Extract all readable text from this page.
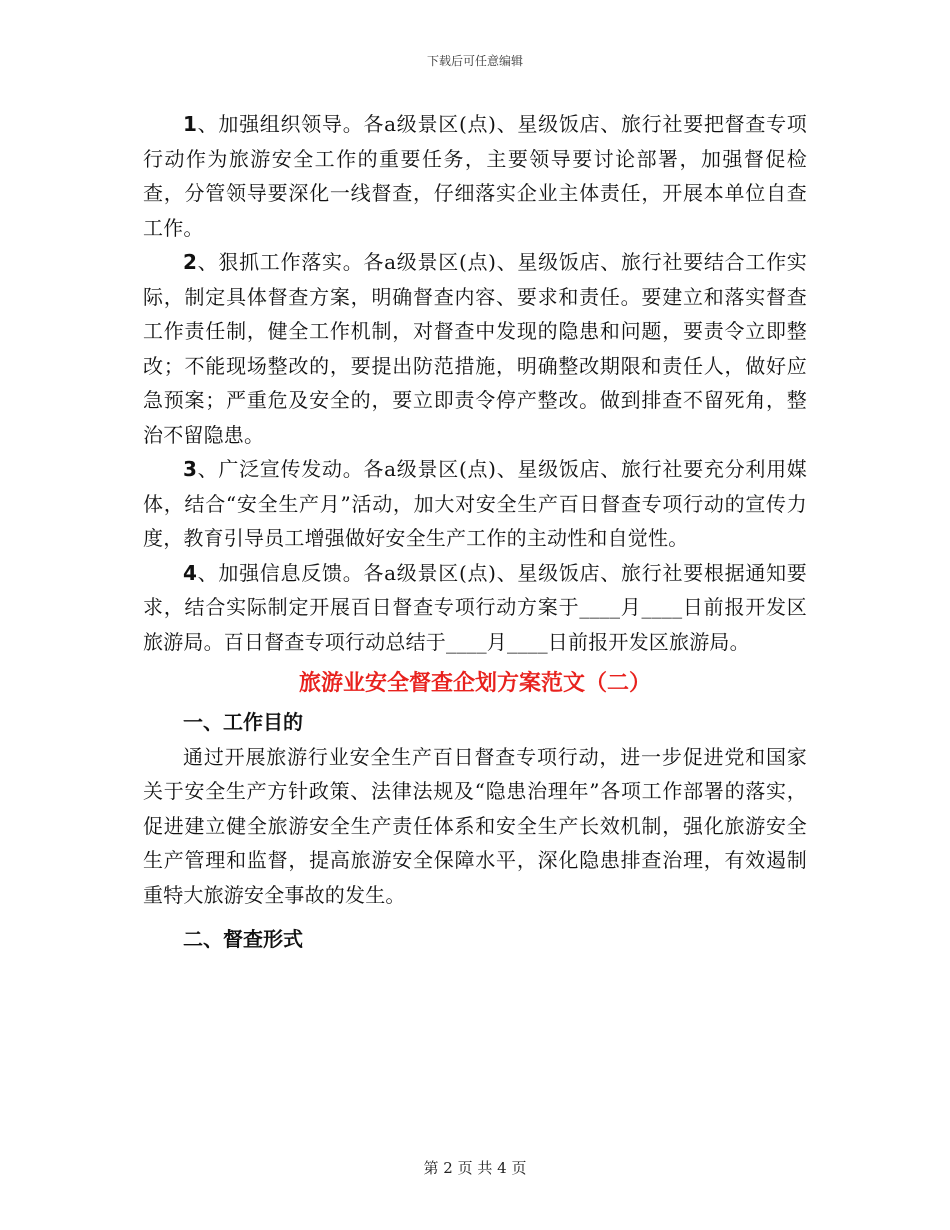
下载后可任意编辑

1、加强组织领导。各a级景区(点)、星级饭店、旅行社要把督查专项行动作为旅游安全工作的重要任务，主要领导要讨论部署，加强督促检查，分管领导要深化一线督查，仔细落实企业主体责任，开展本单位自查工作。

2、狠抓工作落实。各a级景区(点)、星级饭店、旅行社要结合工作实际，制定具体督查方案，明确督查内容、要求和责任。要建立和落实督查工作责任制，健全工作机制，对督查中发现的隐患和问题，要责令立即整改；不能现场整改的，要提出防范措施，明确整改期限和责任人，做好应急预案；严重危及安全的，要立即责令停产整改。做到排查不留死角，整治不留隐患。

3、广泛宣传发动。各a级景区(点)、星级饭店、旅行社要充分利用媒体，结合“安全生产月”活动，加大对安全生产百日督查专项行动的宣传力度，教育引导员工增强做好安全生产工作的主动性和自觉性。

4、加强信息反馈。各a级景区(点)、星级饭店、旅行社要根据通知要求，结合实际制定开展百日督查专项行动方案于____月____日前报开发区旅游局。百日督查专项行动总结于____月____日前报开发区旅游局。

旅游业安全督查企划方案范文（二）

一、工作目的

通过开展旅游行业安全生产百日督查专项行动，进一步促进党和国家关于安全生产方针政策、法律法规及“隐患治理年”各项工作部署的落实，促进建立健全旅游安全生产责任体系和安全生产长效机制，强化旅游安全生产管理和监督，提高旅游安全保障水平，深化隐患排查治理，有效遏制重特大旅游安全事故的发生。

二、督查形式

第 2 页 共 4 页
